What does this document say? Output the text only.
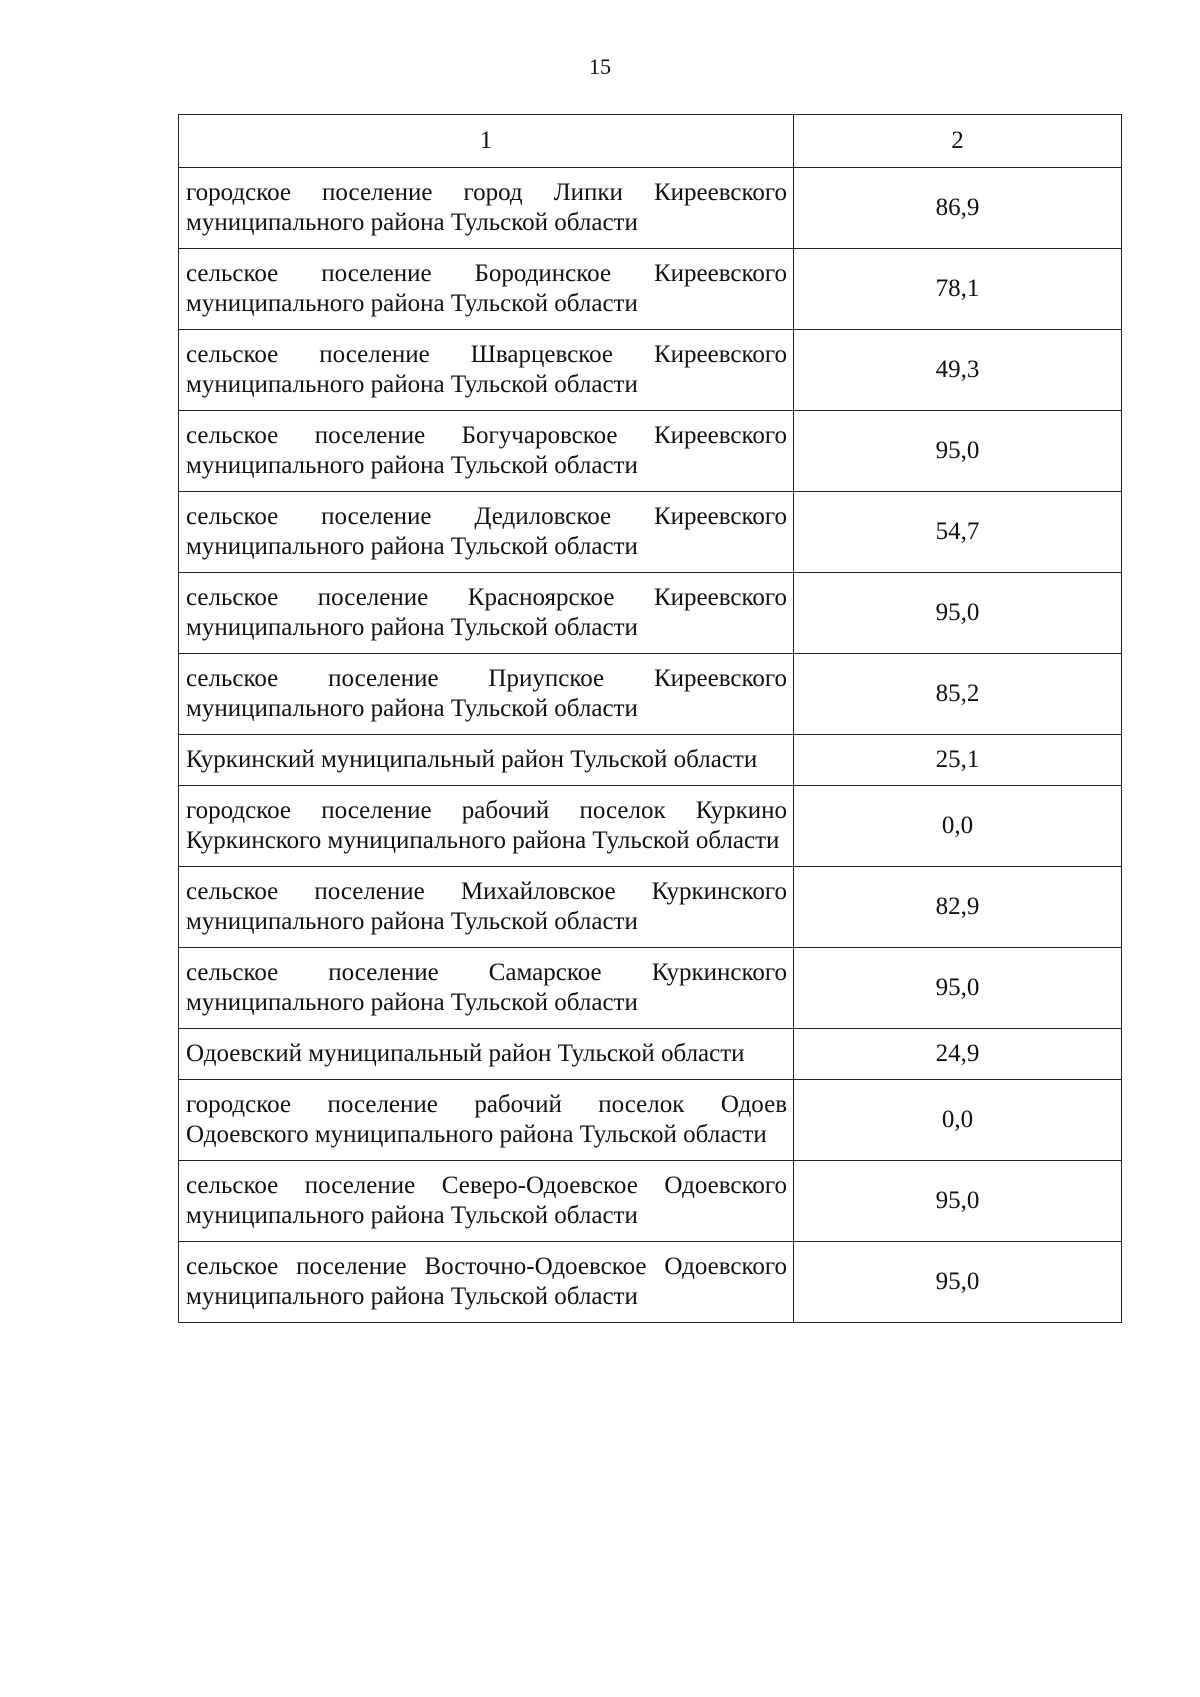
15
1	2
городское поселение город Липки Киреевского муниципального района Тульской области	86,9
сельское поселение Бородинское Киреевского муниципального района Тульской области	78,1
сельское поселение Шварцевское Киреевского муниципального района Тульской области	49,3
сельское поселение Богучаровское Киреевского муниципального района Тульской области	95,0
сельское поселение Дедиловское Киреевского муниципального района Тульской области	54,7
сельское поселение Красноярское Киреевского муниципального района Тульской области	95,0
сельское поселение Приупское Киреевского муниципального района Тульской области	85,2
Куркинский муниципальный район Тульской области	25,1
городское поселение рабочий поселок Куркино Куркинского муниципального района Тульской области	0,0
сельское поселение Михайловское Куркинского муниципального района Тульской области	82,9
сельское поселение Самарское Куркинского муниципального района Тульской области	95,0
Одоевский муниципальный район Тульской области	24,9
городское поселение рабочий поселок Одоев Одоевского муниципального района Тульской области	0,0
сельское поселение Северо-Одоевское Одоевского муниципального района Тульской области	95,0
сельское поселение Восточно-Одоевское Одоевского муниципального района Тульской области	95,0
